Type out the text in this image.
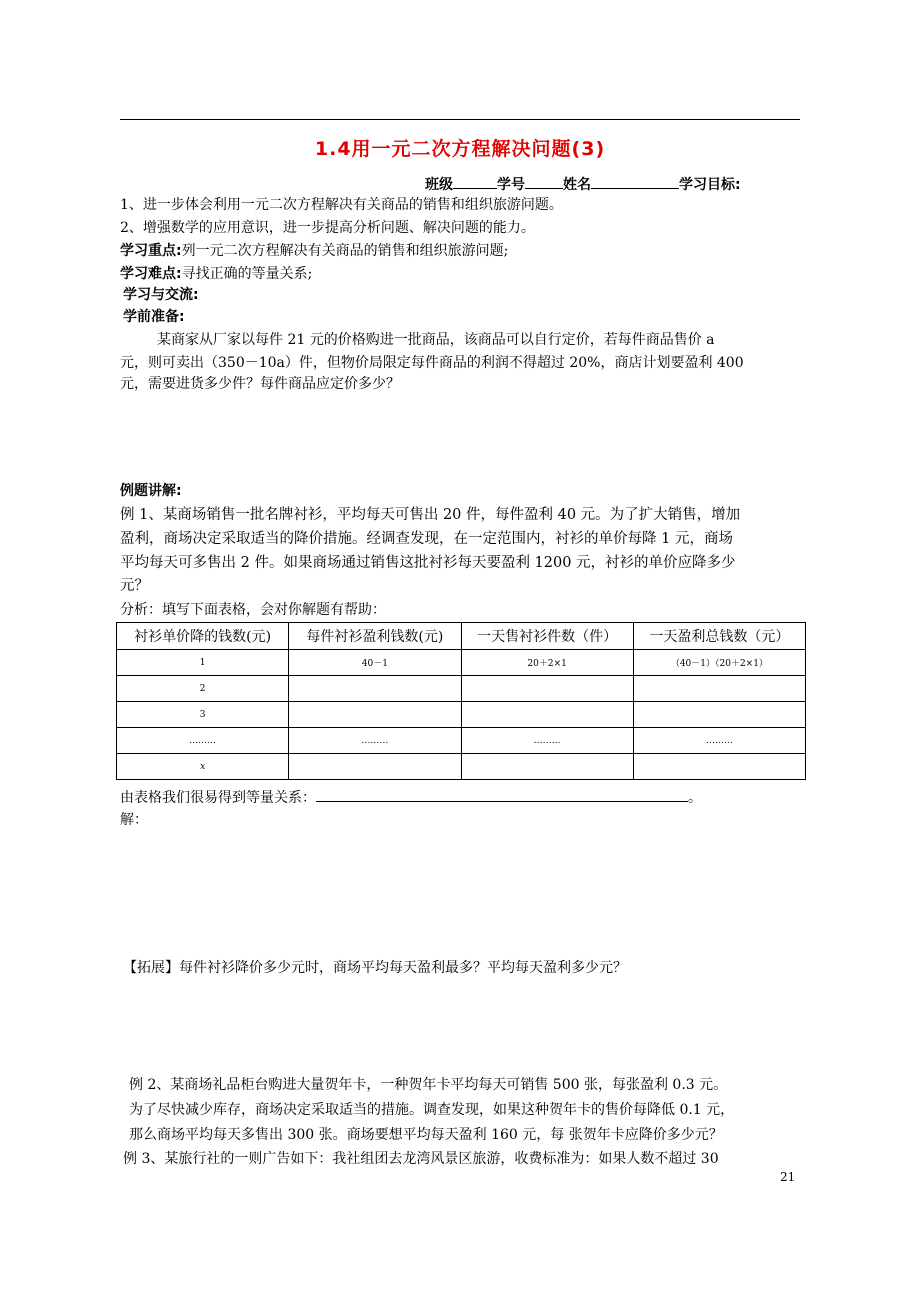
1.4用一元二次方程解决问题(3)
班级	学号	姓名	学习目标:
1、进一步体会利用一元二次方程解决有关商品的销售和组织旅游问题。
2、增强数学的应用意识，进一步提高分析问题、解决问题的能力。
学习重点:列一元二次方程解决有关商品的销售和组织旅游问题;
学习难点:寻找正确的等量关系;
学习与交流:
学前准备:
某商家从厂家以每件 21 元的价格购进一批商品，该商品可以自行定价，若每件商品售价 a
元，则可卖出（350－10a）件，但物价局限定每件商品的利润不得超过 20%，商店计划要盈利 400
元，需要进货多少件？每件商品应定价多少？
例题讲解:
例 1、某商场销售一批名牌衬衫，平均每天可售出 20 件，每件盈利 40 元。为了扩大销售，增加
盈利，商场决定采取适当的降价措施。经调查发现，在一定范围内，衬衫的单价每降 1 元，商场
平均每天可多售出 2 件。如果商场通过销售这批衬衫每天要盈利 1200 元，衬衫的单价应降多少
元？
分析：填写下面表格，会对你解题有帮助：
衬衫单价降的钱数(元)	每件衬衫盈利钱数(元)	一天售衬衫件数（件）	一天盈利总钱数（元）
1	40－1	20＋2×1	（40－1）（20＋2×1）
2			
3			
………	………	………	………
x			
由表格我们很易得到等量关系：	。
解：
【拓展】每件衬衫降价多少元时，商场平均每天盈利最多？平均每天盈利多少元？
例 2、某商场礼品柜台购进大量贺年卡，一种贺年卡平均每天可销售 500 张，每张盈利 0.3 元。
为了尽快减少库存，商场决定采取适当的措施。调查发现，如果这种贺年卡的售价每降低 0.1 元，
那么商场平均每天多售出 300 张。商场要想平均每天盈利 160 元，每 张贺年卡应降价多少元？
例 3、某旅行社的一则广告如下：我社组团去龙湾风景区旅游，收费标准为：如果人数不超过 30
21
